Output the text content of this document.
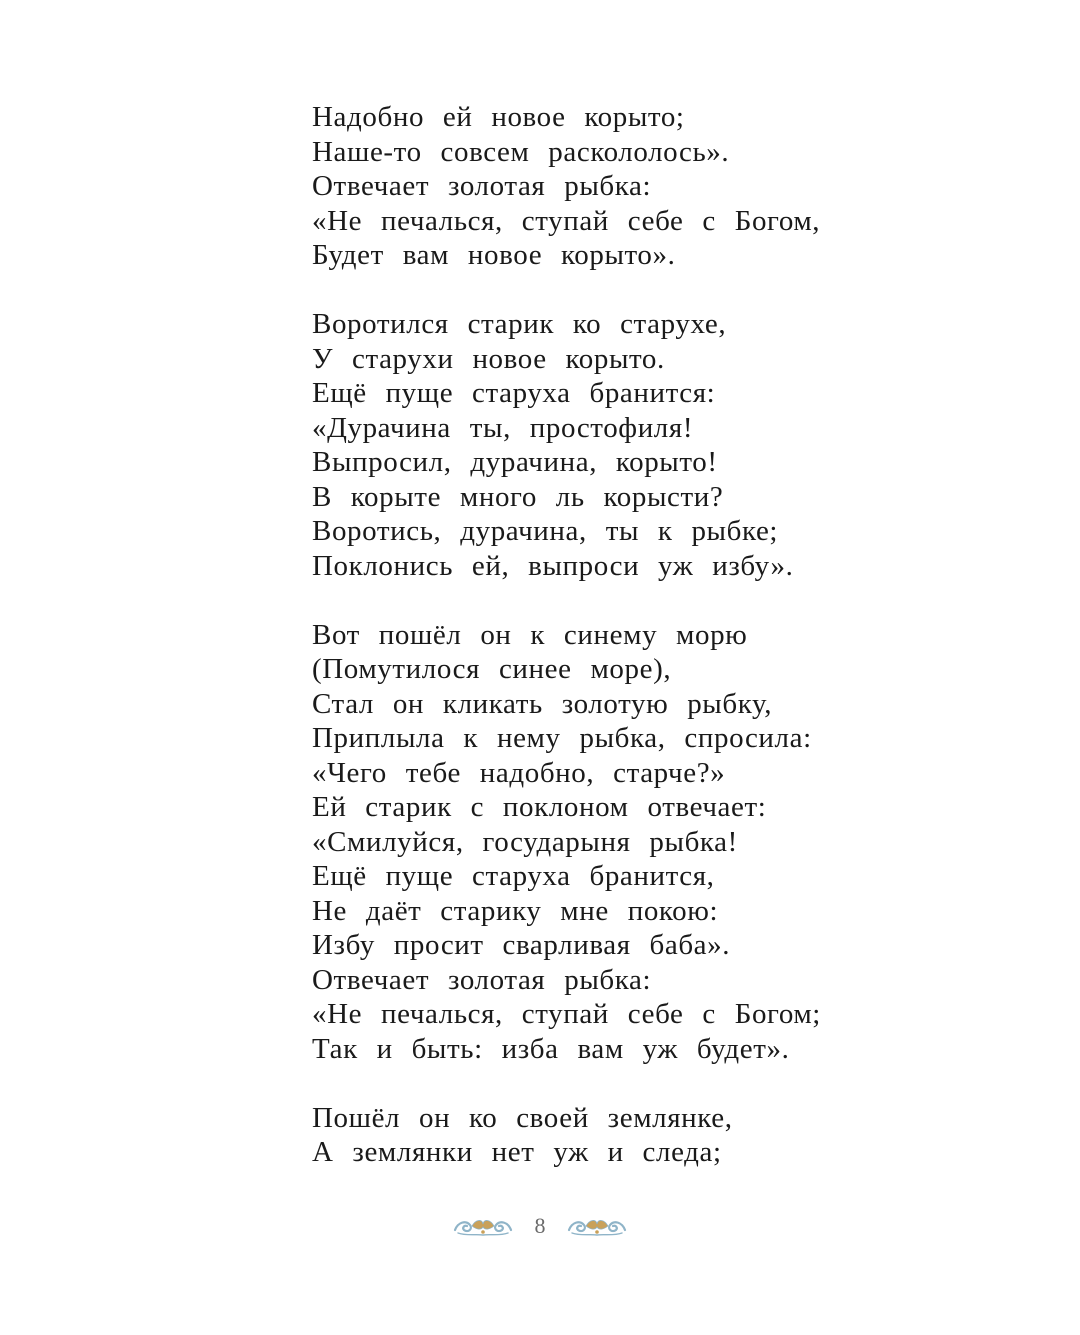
Надобно ей новое корыто;
Наше-то совсем раскололось».
Отвечает золотая рыбка:
«Не печалься, ступай себе с Богом,
Будет вам новое корыто».
Воротился старик ко старухе,
У старухи новое корыто.
Ещё пуще старуха бранится:
«Дурачина ты, простофиля!
Выпросил, дурачина, корыто!
В корыте много ль корысти?
Воротись, дурачина, ты к рыбке;
Поклонись ей, выпроси уж избу».
Вот пошёл он к синему морю
(Помутилося синее море),
Стал он кликать золотую рыбку,
Приплыла к нему рыбка, спросила:
«Чего тебе надобно, старче?»
Ей старик с поклоном отвечает:
«Смилуйся, государыня рыбка!
Ещё пуще старуха бранится,
Не даёт старику мне покою:
Избу просит сварливая баба».
Отвечает золотая рыбка:
«Не печалься, ступай себе с Богом;
Так и быть: изба вам уж будет».
Пошёл он ко своей землянке,
А землянки нет уж и следа;
8
